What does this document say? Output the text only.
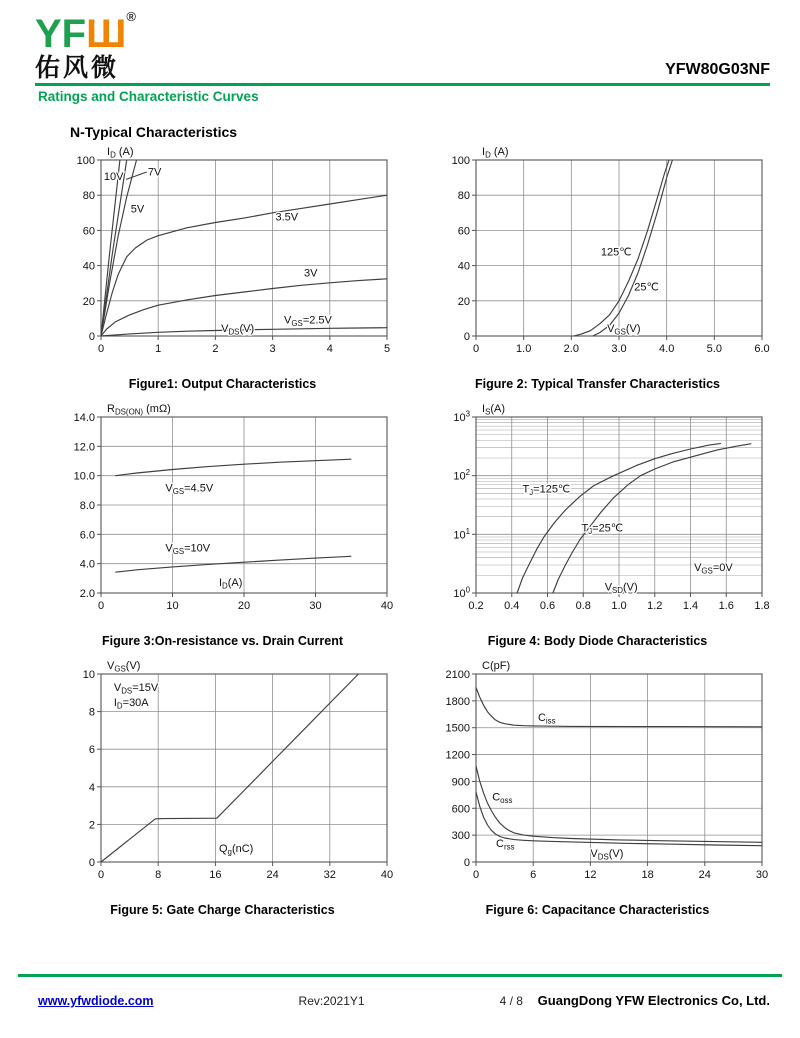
YFШ®
佑风微	YFW80G03NF
Ratings and Characteristic Curves
N-Typical Characteristics
0	1	2	3	4	5
0
20
40
60
80
100
$I_D$ (A)
10V 7V
5V
3.5V
3V
$V_{GS}=2.5V$
$V_{DS}(V)$
Figure1: Output Characteristics
0	1.0	2.0	3.0	4.0	5.0	6.0
0
20
40
60
80
100
$I_D$ (A)
125℃
25℃
$V_{GS}(V)$
Figure 2: Typical Transfer Characteristics
0	10	20	30	40
2.0
4.0
6.0
8.0
10.0
12.0
14.0
$R_{DS(ON)}$ (mΩ)
$V_{GS}=4.5V$
$V_{GS}=10V$
$I_D(A)$
Figure 3:On-resistance vs. Drain Current
0.2 0.4 0.6 0.8 1.0 1.2 1.4 1.6 1.8
$10^0$
$10^1$
$10^2$
$10^3$ $I_S(A)$
$T_J=125℃$
$T_J=25℃$
$V_{GS}=0V$
$V_{SD}(V)$
Figure 4: Body Diode Characteristics
0	8	16	24	32	40
0
2
4
6
8
10
$V_{GS}(V)$
$V_{DS}=15V$
$I_D=30A$
$Q_g(nC)$
Figure 5: Gate Charge Characteristics
0	6	12	18	24	30
0
300
600
900
1200
1500
1800
2100
C(pF)
$C_{iss}$
$C_{oss}$
$C_{rss}$
$V_{DS}(V)$
Figure 6: Capacitance Characteristics
www.yfwdiode.com	Rev:2021Y1	4 / 8 GuangDong YFW Electronics Co, Ltd.
